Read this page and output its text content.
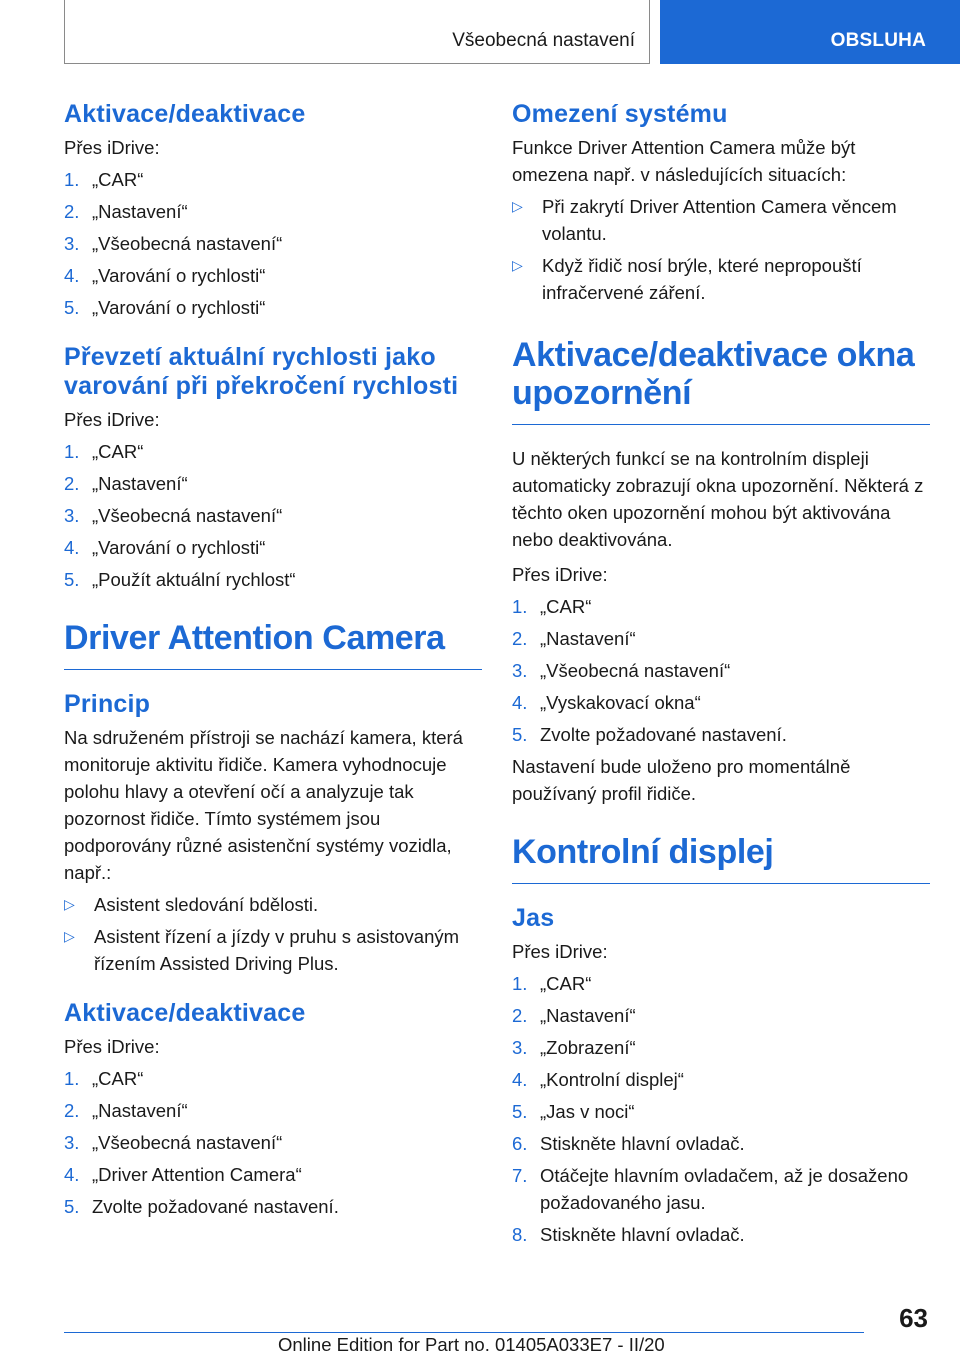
Všeobecná nastavení	OBSLUHA
Aktivace/deaktivace

Přes iDrive:

1. „CAR“
2. „Nastavení“
3. „Všeobecná nastavení“
4. „Varování o rychlosti“
5. „Varování o rychlosti“
Převzetí aktuální rychlosti jako varování při překročení rychlosti

Přes iDrive:

1. „CAR“
2. „Nastavení“
3. „Všeobecná nastavení“
4. „Varování o rychlosti“
5. „Použít aktuální rychlost“
Driver Attention Camera
Princip

Na sdruženém přístroji se nachází kamera, která monitoruje aktivitu řidiče. Kamera vyhodnocuje polohu hlavy a otevření očí a analyzuje tak pozornost řidiče. Tímto systémem jsou podporovány různé asistenční systémy vozidla, např.:

▷ Asistent sledování bdělosti.
▷ Asistent řízení a jízdy v pruhu s asistovaným řízením Assisted Driving Plus.
Aktivace/deaktivace

Přes iDrive:

1. „CAR“
2. „Nastavení“
3. „Všeobecná nastavení“
4. „Driver Attention Camera“
5. Zvolte požadované nastavení.
Omezení systému

Funkce Driver Attention Camera může být omezena např. v následujících situacích:

▷ Při zakrytí Driver Attention Camera věncem volantu.
▷ Když řidič nosí brýle, které nepropouští infračervené záření.
Aktivace/deaktivace okna upozornění

U některých funkcí se na kontrolním displeji automaticky zobrazují okna upozornění. Některá z těchto oken upozornění mohou být aktivována nebo deaktivována.

Přes iDrive:

1. „CAR“
2. „Nastavení“
3. „Všeobecná nastavení“
4. „Vyskakovací okna“
5. Zvolte požadované nastavení.

Nastavení bude uloženo pro momentálně používaný profil řidiče.

Kontrolní displej
Jas

Přes iDrive:

1. „CAR“
2. „Nastavení“
3. „Zobrazení“
4. „Kontrolní displej“
5. „Jas v noci“
6. Stiskněte hlavní ovladač.
7. Otáčejte hlavním ovladačem, až je dosaženo požadovaného jasu.
8. Stiskněte hlavní ovladač.
63
Online Edition for Part no. 01405A033E7 - II/20
